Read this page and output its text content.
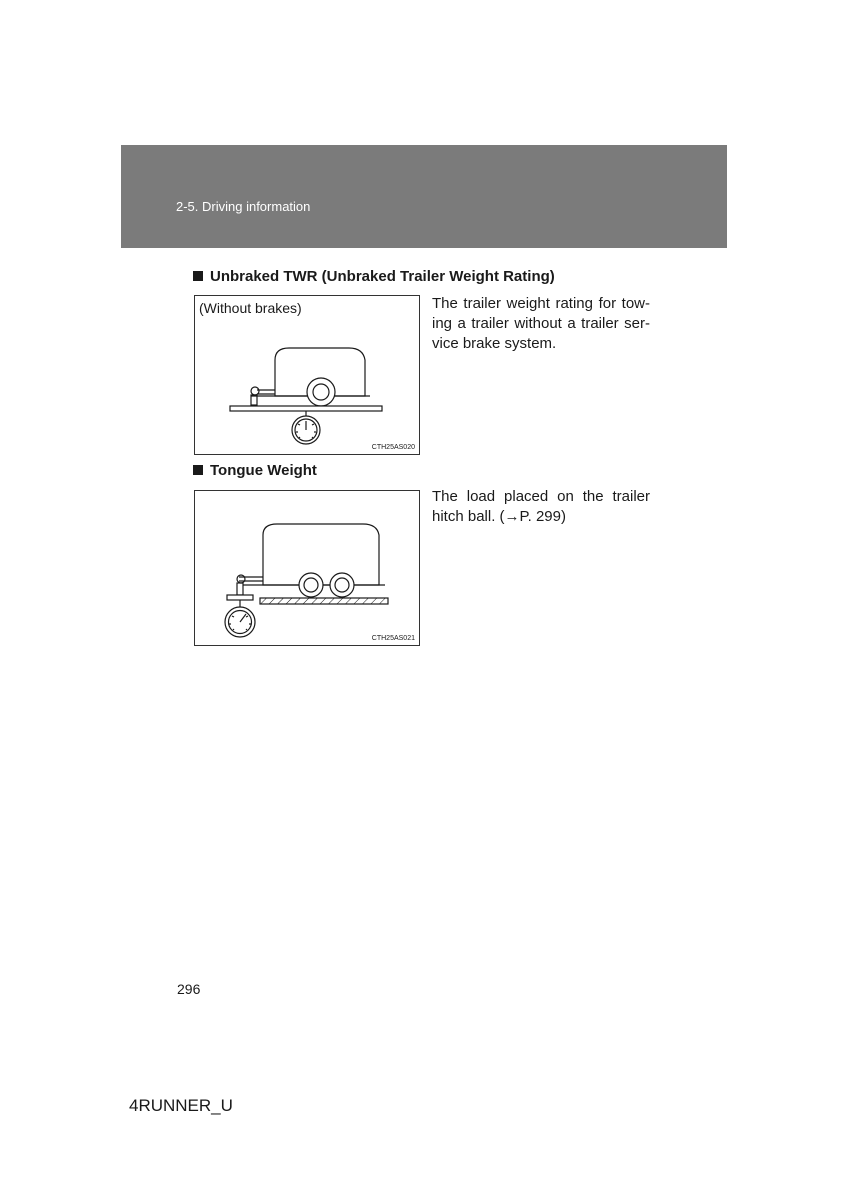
2-5. Driving information
Unbraked TWR (Unbraked Trailer Weight Rating)
(Without brakes)
CTH25AS020
The trailer weight rating for tow-
ing a trailer without a trailer ser-
vice brake system.
Tongue Weight
CTH25AS021
The load placed on the trailer
hitch ball. (→P. 299)
296
4RUNNER_U
